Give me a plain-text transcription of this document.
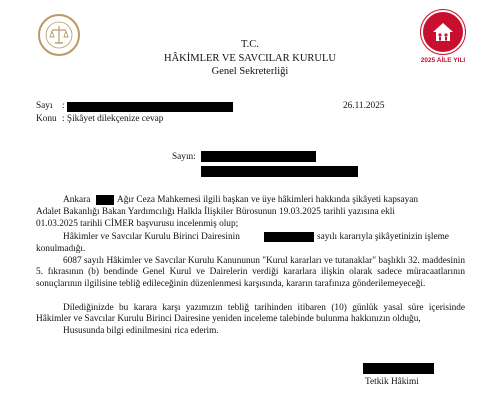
2025 AİLE YILI
T.C.
HÂKİMLER VE SAVCILAR KURULU
Genel Sekreterliği
Sayı :	26.11.2025
Konu : Şikâyet dilekçenize cevap
Sayın:
Ankara	Ağır Ceza Mahkemesi ilgili başkan ve üye hâkimleri hakkında şikâyeti kapsayan
Adalet Bakanlığı Bakan Yardımcılığı Halkla İlişkiler Bürosunun 19.03.2025 tarihli yazısına ekli
01.03.2025 tarihli CİMER başvurusu incelenmiş olup;
Hâkimler ve Savcılar Kurulu Birinci Dairesinin	sayılı kararıyla şikâyetinizin işleme
konulmadığı.
6087 sayılı Hâkimler ve Savcılar Kurulu Kanununun "Kurul kararları ve tutanaklar" başlıklı 32. maddesinin 5. fıkrasının (b) bendinde Genel Kurul ve Dairelerin verdiği kararlara ilişkin olarak sadece müracaatlarının sonuçlarının ilgilisine tebliğ edileceğinin düzenlenmesi karşısında, kararın tarafınıza gönderilemeyeceği.
Dilediğinizde bu karara karşı yazımızın tebliğ tarihinden itibaren (10) günlük yasal süre içerisinde Hâkimler ve Savcılar Kurulu Birinci Dairesine yeniden inceleme talebinde bulunma hakkınızın olduğu,
Hususunda bilgi edinilmesini rica ederim.
Tetkik Hâkimi
